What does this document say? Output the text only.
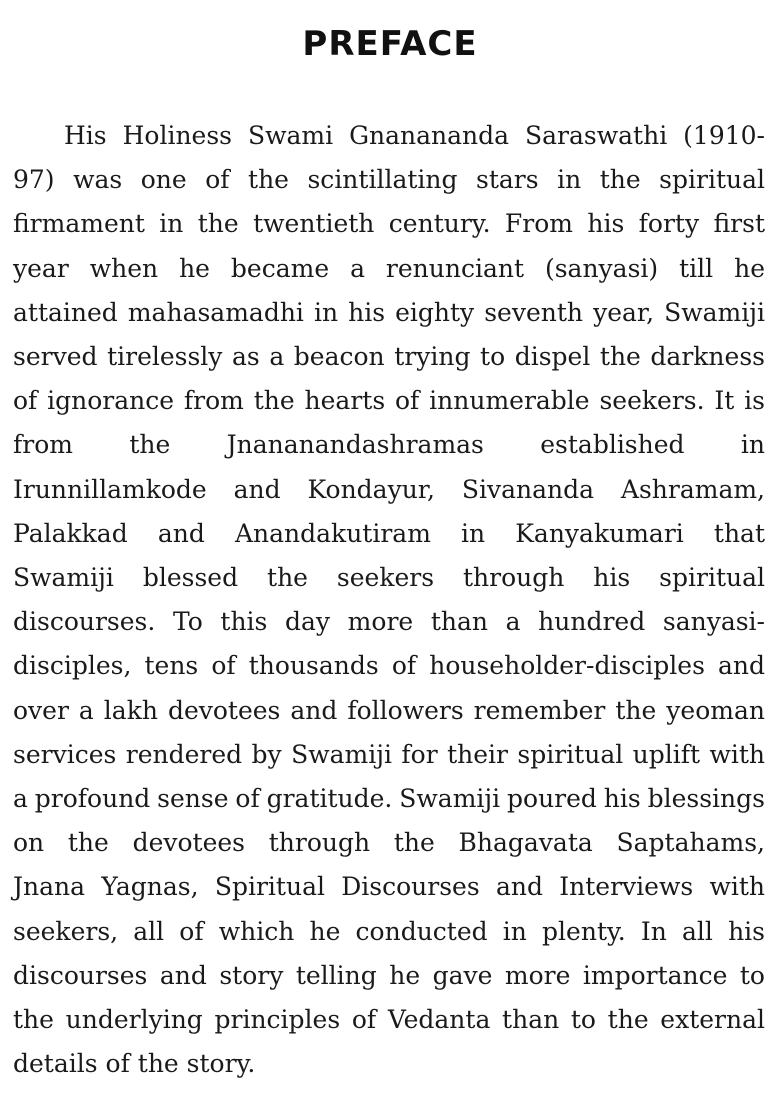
PREFACE
His Holiness Swami Gnanananda Saraswathi (1910-
97) was one of the scintillating stars in the spiritual
firmament in the twentieth century. From his forty first
year when he became a renunciant (sanyasi) till he
attained mahasamadhi in his eighty seventh year, Swamiji
served tirelessly as a beacon trying to dispel the darkness
of ignorance from the hearts of innumerable seekers. It is
from the Jnananandashramas established in
Irunnillamkode and Kondayur, Sivananda Ashramam,
Palakkad and Anandakutiram in Kanyakumari that
Swamiji blessed the seekers through his spiritual
discourses. To this day more than a hundred sanyasi-
disciples, tens of thousands of householder-disciples and
over a lakh devotees and followers remember the yeoman
services rendered by Swamiji for their spiritual uplift with
a profound sense of gratitude. Swamiji poured his blessings
on the devotees through the Bhagavata Saptahams,
Jnana Yagnas, Spiritual Discourses and Interviews with
seekers, all of which he conducted in plenty. In all his
discourses and story telling he gave more importance to
the underlying principles of Vedanta than to the external
details of the story.
